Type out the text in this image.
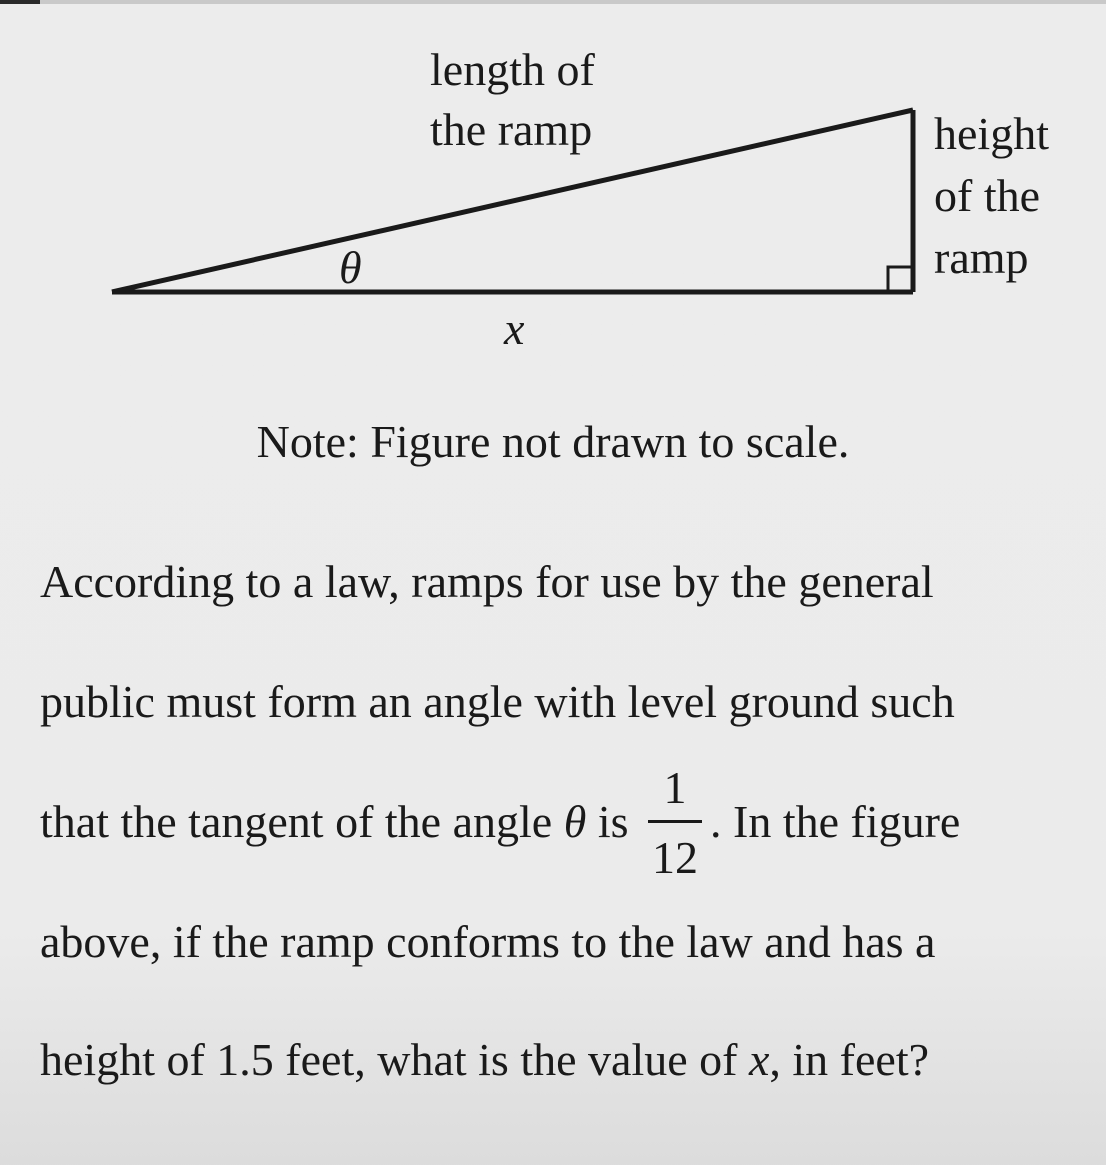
length of
the ramp	height
of the
ramp
θ
x
Note: Figure not drawn to scale.
According to a law, ramps for use by the general
public must form an angle with level ground such
that the tangent of the angle θ is $\frac{1}{12}$ . In the figure
above, if the ramp conforms to the law and has a
height of 1.5 feet, what is the value of x, in feet?
